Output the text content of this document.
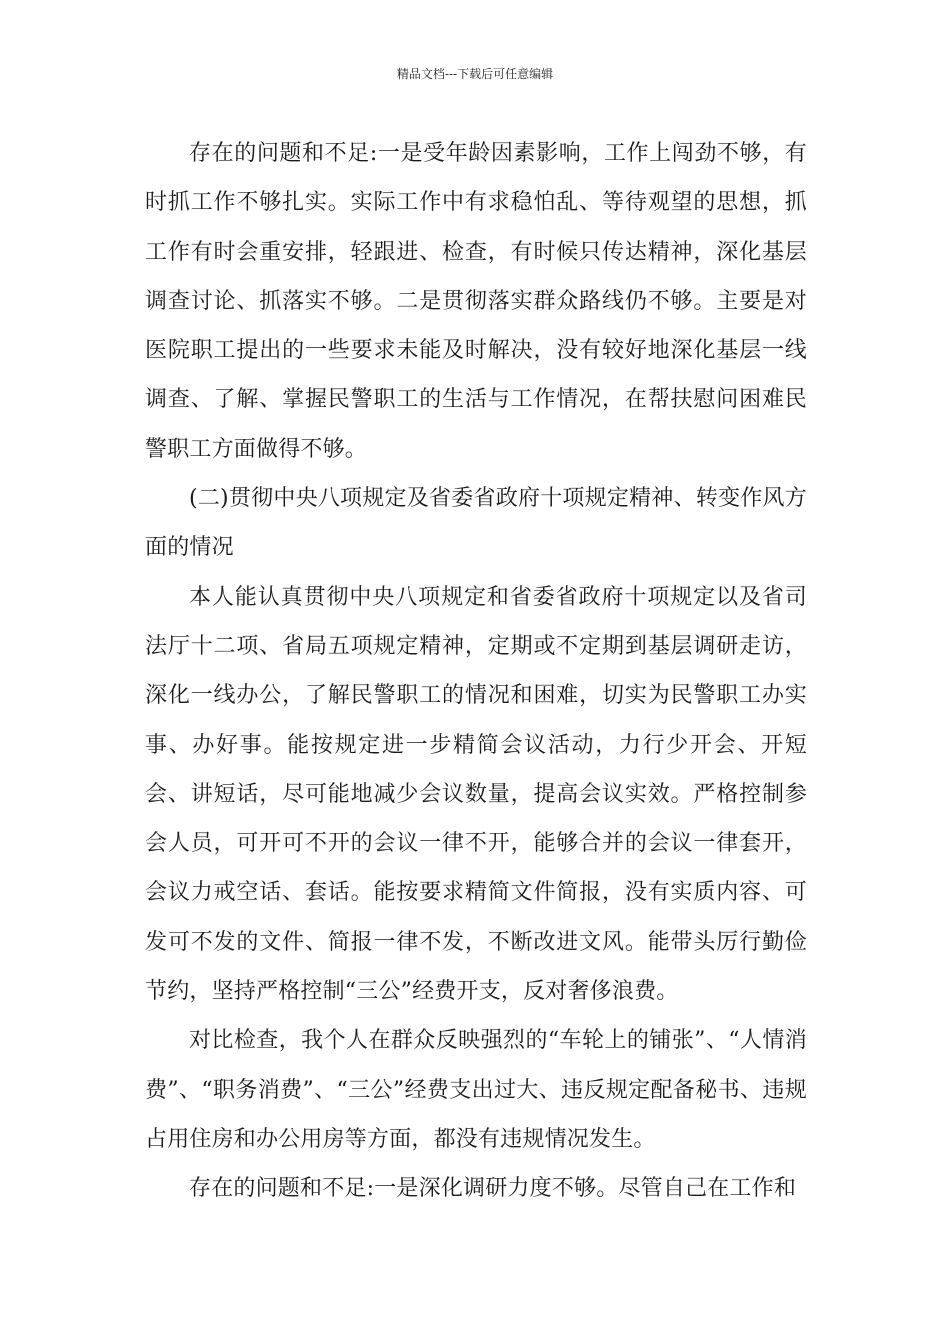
精品文档---下载后可任意编辑

存在的问题和不足:一是受年龄因素影响，工作上闯劲不够，有时抓工作不够扎实。实际工作中有求稳怕乱、等待观望的思想，抓工作有时会重安排，轻跟进、检查，有时候只传达精神，深化基层调查讨论、抓落实不够。二是贯彻落实群众路线仍不够。主要是对医院职工提出的一些要求未能及时解决，没有较好地深化基层一线调查、了解、掌握民警职工的生活与工作情况，在帮扶慰问困难民警职工方面做得不够。

(二)贯彻中央八项规定及省委省政府十项规定精神、转变作风方面的情况

本人能认真贯彻中央八项规定和省委省政府十项规定以及省司法厅十二项、省局五项规定精神，定期或不定期到基层调研走访，深化一线办公，了解民警职工的情况和困难，切实为民警职工办实事、办好事。能按规定进一步精简会议活动，力行少开会、开短会、讲短话，尽可能地减少会议数量，提高会议实效。严格控制参会人员，可开可不开的会议一律不开，能够合并的会议一律套开，会议力戒空话、套话。能按要求精简文件简报，没有实质内容、可发可不发的文件、简报一律不发，不断改进文风。能带头厉行勤俭节约，坚持严格控制“三公”经费开支，反对奢侈浪费。

对比检查，我个人在群众反映强烈的“车轮上的铺张”、“人情消费”、“职务消费”、“三公”经费支出过大、违反规定配备秘书、违规占用住房和办公用房等方面，都没有违规情况发生。

存在的问题和不足:一是深化调研力度不够。尽管自己在工作和
